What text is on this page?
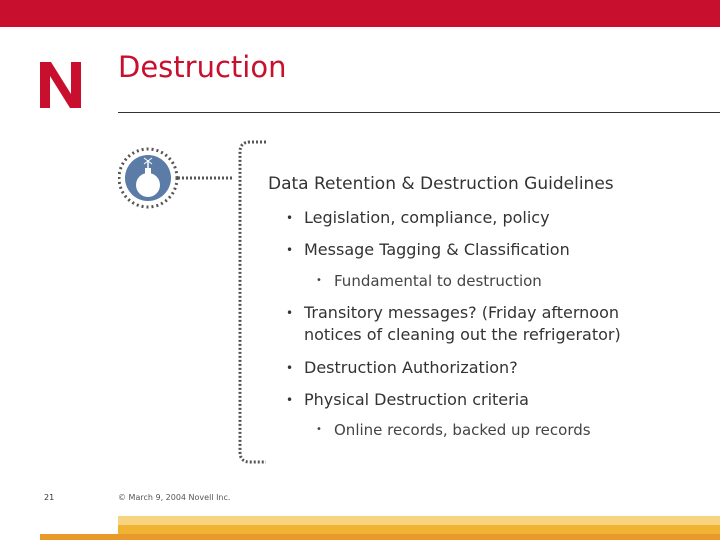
Destruction
Data Retention & Destruction Guidelines
• Legislation, compliance, policy
• Message Tagging & Classification
• Fundamental to destruction
• Transitory messages? (Friday afternoon
notices of cleaning out the refrigerator)
• Destruction Authorization?
• Physical Destruction criteria
• Online records, backed up records
21	© March 9, 2004 Novell Inc.
